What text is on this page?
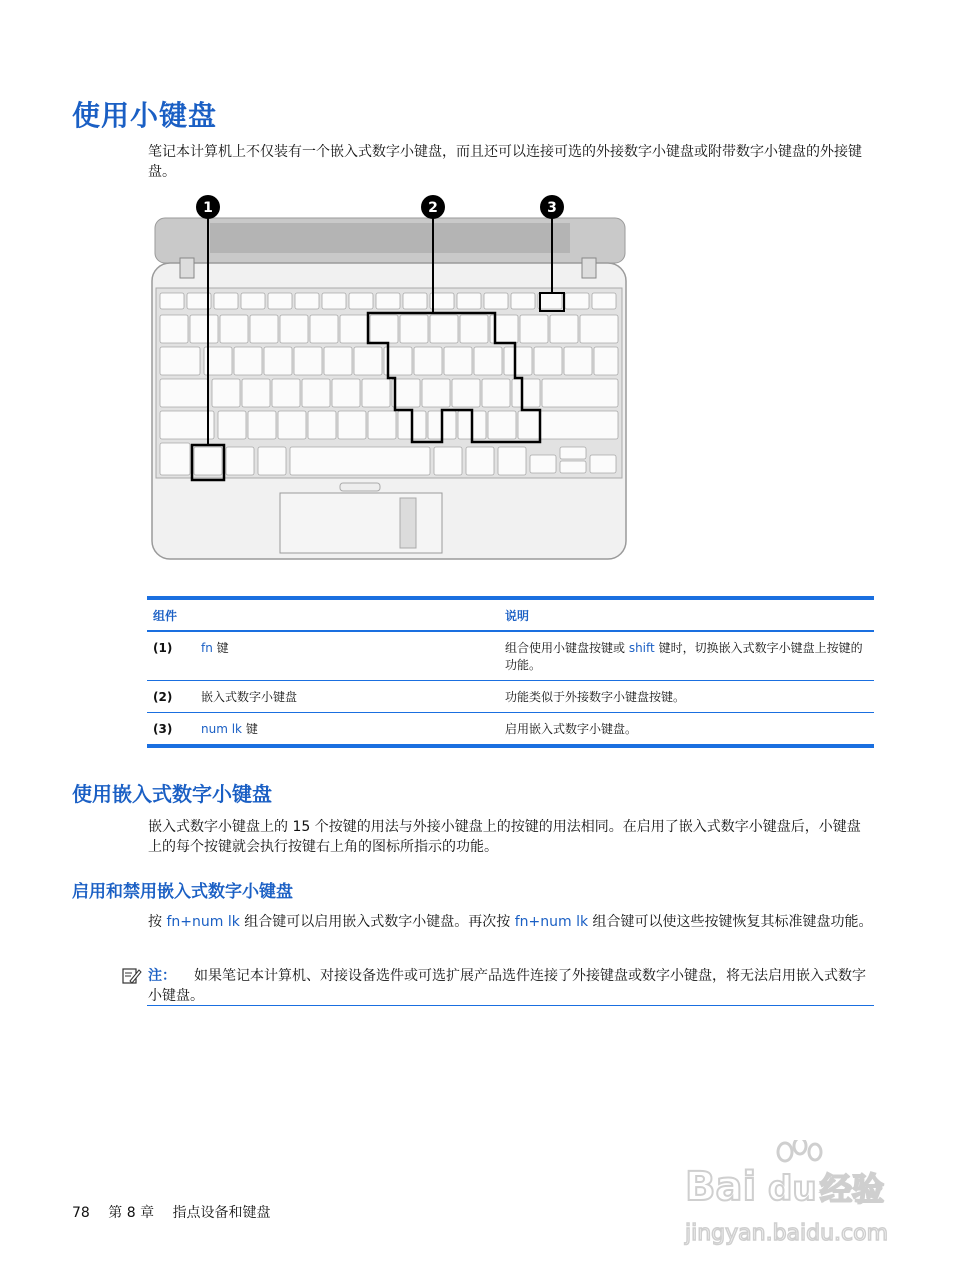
使用小键盘
笔记本计算机上不仅装有一个嵌入式数字小键盘，而且还可以连接可选的外接数字小键盘或附带数字小键盘的外接键盘。
1	2	3
组件		说明
(1)	fn 键	组合使用小键盘按键或 shift 键时，切换嵌入式数字小键盘上按键的功能。
(2)	嵌入式数字小键盘	功能类似于外接数字小键盘按键。
(3)	num lk 键	启用嵌入式数字小键盘。
使用嵌入式数字小键盘
嵌入式数字小键盘上的 15 个按键的用法与外接小键盘上的按键的用法相同。在启用了嵌入式数字小键盘后，小键盘上的每个按键就会执行按键右上角的图标所指示的功能。
启用和禁用嵌入式数字小键盘
按 fn+num lk 组合键可以启用嵌入式数字小键盘。再次按 fn+num lk 组合键可以使这些按键恢复其标准键盘功能。
注： 如果笔记本计算机、对接设备选件或可选扩展产品选件连接了外接键盘或数字小键盘，将无法启用嵌入式数字小键盘。
78 第 8 章 指点设备和键盘
Bai du 经验
jingyan.baidu.com
